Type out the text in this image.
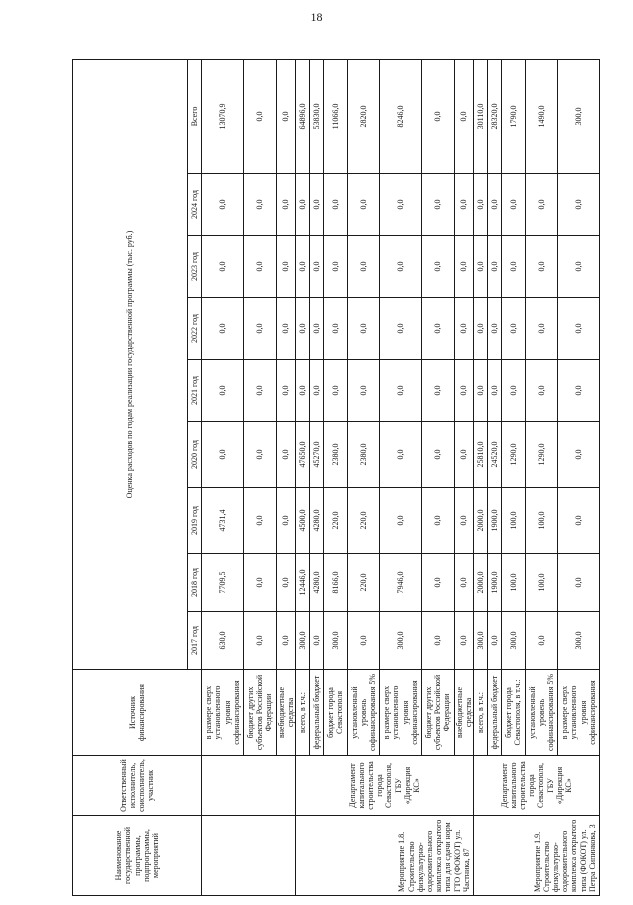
18
Наименование государственной программы, подпрограммы, мероприятий	Ответственный исполнитель, соисполнитель, участник	Источник финансирования	Оценка расходов по годам реализации государственной программы (тыс. руб.)								
			2017 год	2018 год	2019 год	2020 год	2021 год	2022 год	2023 год	2024 год	Всего
		в размере сверх установленного уровня софинансирования	630,0	7709,5	4731,4	0,0	0,0	0,0	0,0	0,0	13070,9
		бюджет других субъектов Российской Федерации	0,0	0,0	0,0	0,0	0,0	0,0	0,0	0,0	0,0
		внебюджетные средства	0,0	0,0	0,0	0,0	0,0	0,0	0,0	0,0	0,0
Мероприятие 1.8. Строительство физкультурно-оздоровительного комплекса открытого типа для сдачи норм ГТО (ФОКОТ) ул. Частника, 87	Департамент капитального строительства города Севастополя, ГБУ «Дирекция КС»	всего, в т.ч.:	300,0	12446,0	4500,0	47650,0	0,0	0,0	0,0	0,0	64896,0
		федеральный бюджет	0,0	4280,0	4280,0	45270,0	0,0	0,0	0,0	0,0	53830,0
		бюджет города Севастополя	300,0	8166,0	220,0	2380,0	0,0	0,0	0,0	0,0	11066,0
		установленный уровень софинансирования 5%	0,0	220,0	220,0	2380,0	0,0	0,0	0,0	0,0	2820,0
		в размере сверх установленного уровня софинансирования	300,0	7946,0	0,0	0,0	0,0	0,0	0,0	0,0	8246,0
		бюджет других субъектов Российской Федерации	0,0	0,0	0,0	0,0	0,0	0,0	0,0	0,0	0,0
		внебюджетные средства	0,0	0,0	0,0	0,0	0,0	0,0	0,0	0,0	0,0
Мероприятие 1.9. Строительство физкультурно-оздоровительного комплекса открытого типа (ФОКОТ) ул. Петра Сипинкова, 3	Департамент капитального строительства города Севастополя, ГБУ «Дирекция КС»	всего, в т.ч.:	300,0	2000,0	2000,0	25810,0	0,0	0,0	0,0	0,0	30110,0
		федеральный бюджет	0,0	1900,0	1900,0	24520,0	0,0	0,0	0,0	0,0	28320,0
		бюджет города Севастополя, в т.ч.:	300,0	100,0	100,0	1290,0	0,0	0,0	0,0	0,0	1790,0
		установленный уровень софинансирования 5%	0,0	100,0	100,0	1290,0	0,0	0,0	0,0	0,0	1490,0
		в размере сверх установленного уровня софинансирования	300,0	0,0	0,0	0,0	0,0	0,0	0,0	0,0	300,0
